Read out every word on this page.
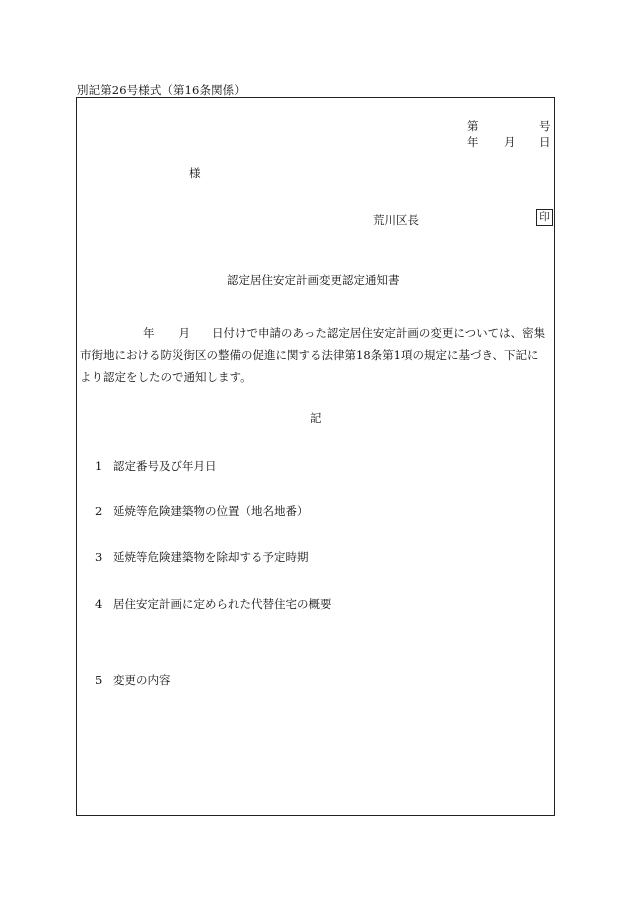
別記第26号様式（第16条関係）
第	号
年 月 日
様
荒川区長	印
認定居住安定計画変更認定通知書
年 月 日付けで申請のあった認定居住安定計画の変更については、密集
市街地における防災街区の整備の促進に関する法律第18条第1項の規定に基づき、下記に
より認定をしたので通知します。
記
1 認定番号及び年月日
2 延焼等危険建築物の位置（地名地番）
3 延焼等危険建築物を除却する予定時期
4 居住安定計画に定められた代替住宅の概要
5 変更の内容
